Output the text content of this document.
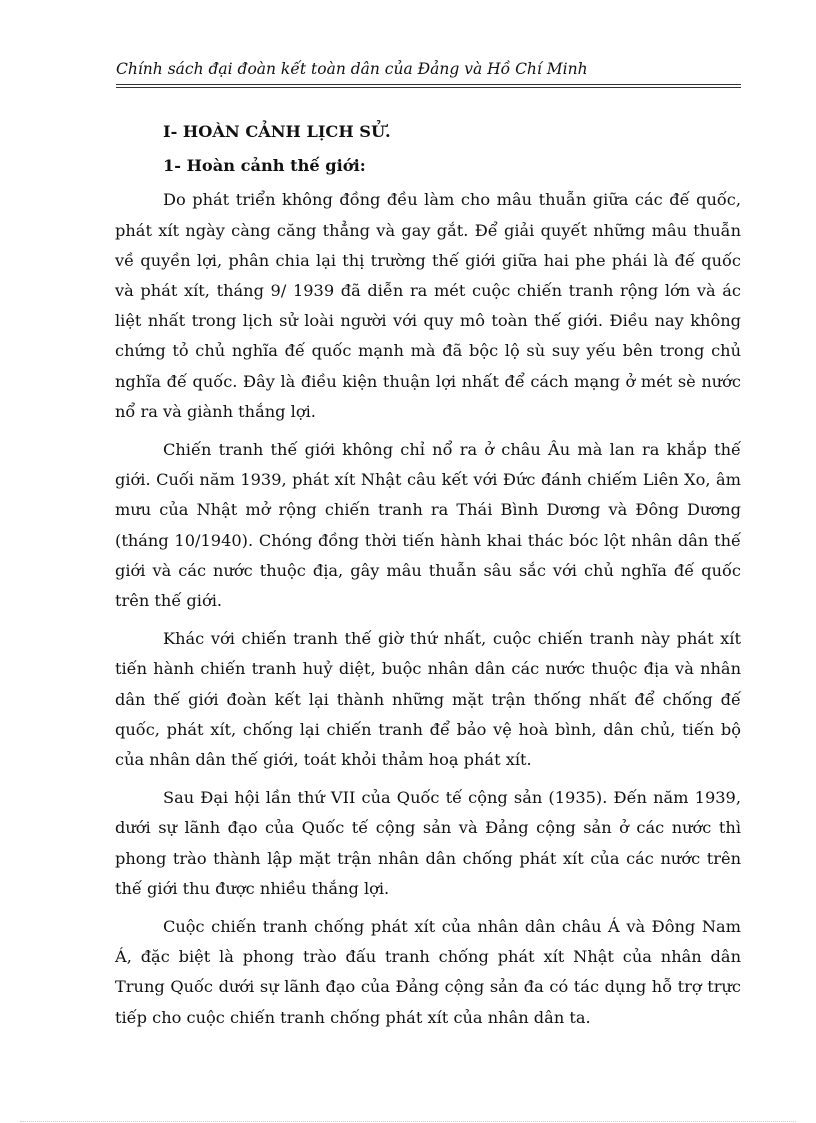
Chính sách đại đoàn kết toàn dân của Đảng và Hồ Chí Minh

I- HOÀN CẢNH LỊCH SỬ.

1- Hoàn cảnh thế giới:

Do phát triển không đồng đều làm cho mâu thuẫn giữa các đế quốc, phát xít ngày càng căng thẳng và gay gắt. Để giải quyết những mâu thuẫn về quyền lợi, phân chia lại thị trường thế giới giữa hai phe phái là đế quốc và phát xít, tháng 9/ 1939 đã diễn ra mét cuộc chiến tranh rộng lớn và ác liệt nhất trong lịch sử loài người với quy mô toàn thế giới. Điều nay không chứng tỏ chủ nghĩa đế quốc mạnh mà đã bộc lộ sù suy yếu bên trong chủ nghĩa đế quốc. Đây là điều kiện thuận lợi nhất để cách mạng ở mét sè nước nổ ra và giành thắng lợi.

Chiến tranh thế giới không chỉ nổ ra ở châu Âu mà lan ra khắp thế giới. Cuối năm 1939, phát xít Nhật câu kết với Đức đánh chiếm Liên Xo, âm mưu của Nhật mở rộng chiến tranh ra Thái Bình Dương và Đông Dương (tháng 10/1940). Chóng đồng thời tiến hành khai thác bóc lột nhân dân thế giới và các nước thuộc địa, gây mâu thuẫn sâu sắc với chủ nghĩa đế quốc trên thế giới.

Khác với chiến tranh thế giờ thứ nhất, cuộc chiến tranh này phát xít tiến hành chiến tranh huỷ diệt, buộc nhân dân các nước thuộc địa và nhân dân thế giới đoàn kết lại thành những mặt trận thống nhất để chống đế quốc, phát xít, chống lại chiến tranh để bảo vệ hoà bình, dân chủ, tiến bộ của nhân dân thế giới, toát khỏi thảm hoạ phát xít.

Sau Đại hội lần thứ VII của Quốc tế cộng sản (1935). Đến năm 1939, dưới sự lãnh đạo của Quốc tế cộng sản và Đảng cộng sản ở các nước thì phong trào thành lập mặt trận nhân dân chống phát xít của các nước trên thế giới thu được nhiều thắng lợi.

Cuộc chiến tranh chống phát xít của nhân dân châu Á và Đông Nam Á, đặc biệt là phong trào đấu tranh chống phát xít Nhật của nhân dân Trung Quốc dưới sự lãnh đạo của Đảng cộng sản đa có tác dụng hỗ trợ trực tiếp cho cuộc chiến tranh chống phát xít của nhân dân ta.
